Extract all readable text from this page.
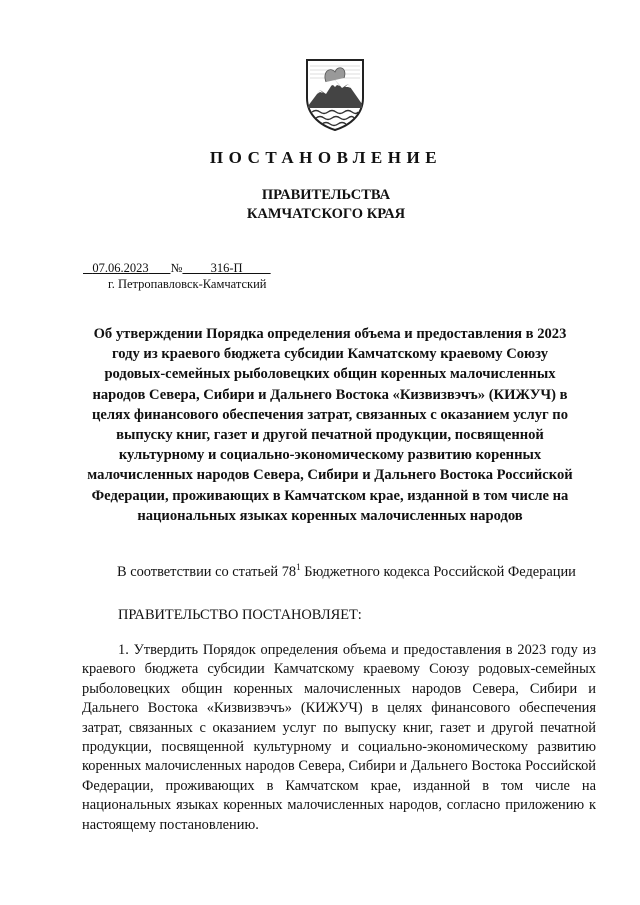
ПОСТАНОВЛЕНИЕ
ПРАВИТЕЛЬСТВА
КАМЧАТСКОГО КРАЯ
07.06.2023 № 316-П
г. Петропавловск-Камчатский
Об утверждении Порядка определения объема и предоставления в 2023 году из краевого бюджета субсидии Камчатскому краевому Союзу родовых-семейных рыболовецких общин коренных малочисленных народов Севера, Сибири и Дальнего Востока «Кизвизвэчъ» (КИЖУЧ) в целях финансового обеспечения затрат, связанных с оказанием услуг по выпуску книг, газет и другой печатной продукции, посвященной культурному и социально-экономическому развитию коренных малочисленных народов Севера, Сибири и Дальнего Востока Российской Федерации, проживающих в Камчатском крае, изданной в том числе на национальных языках коренных малочисленных народов
В соответствии со статьей $78^1$ Бюджетного кодекса Российской Федерации
ПРАВИТЕЛЬСТВО ПОСТАНОВЛЯЕТ:
1. Утвердить Порядок определения объема и предоставления в 2023 году из краевого бюджета субсидии Камчатскому краевому Союзу родовых-семейных рыболовецких общин коренных малочисленных народов Севера, Сибири и Дальнего Востока «Кизвизвэчъ» (КИЖУЧ) в целях финансового обеспечения затрат, связанных с оказанием услуг по выпуску книг, газет и другой печатной продукции, посвященной культурному и социально-экономическому развитию коренных малочисленных народов Севера, Сибири и Дальнего Востока Российской Федерации, проживающих в Камчатском крае, изданной в том числе на национальных языках коренных малочисленных народов, согласно приложению к настоящему постановлению.
